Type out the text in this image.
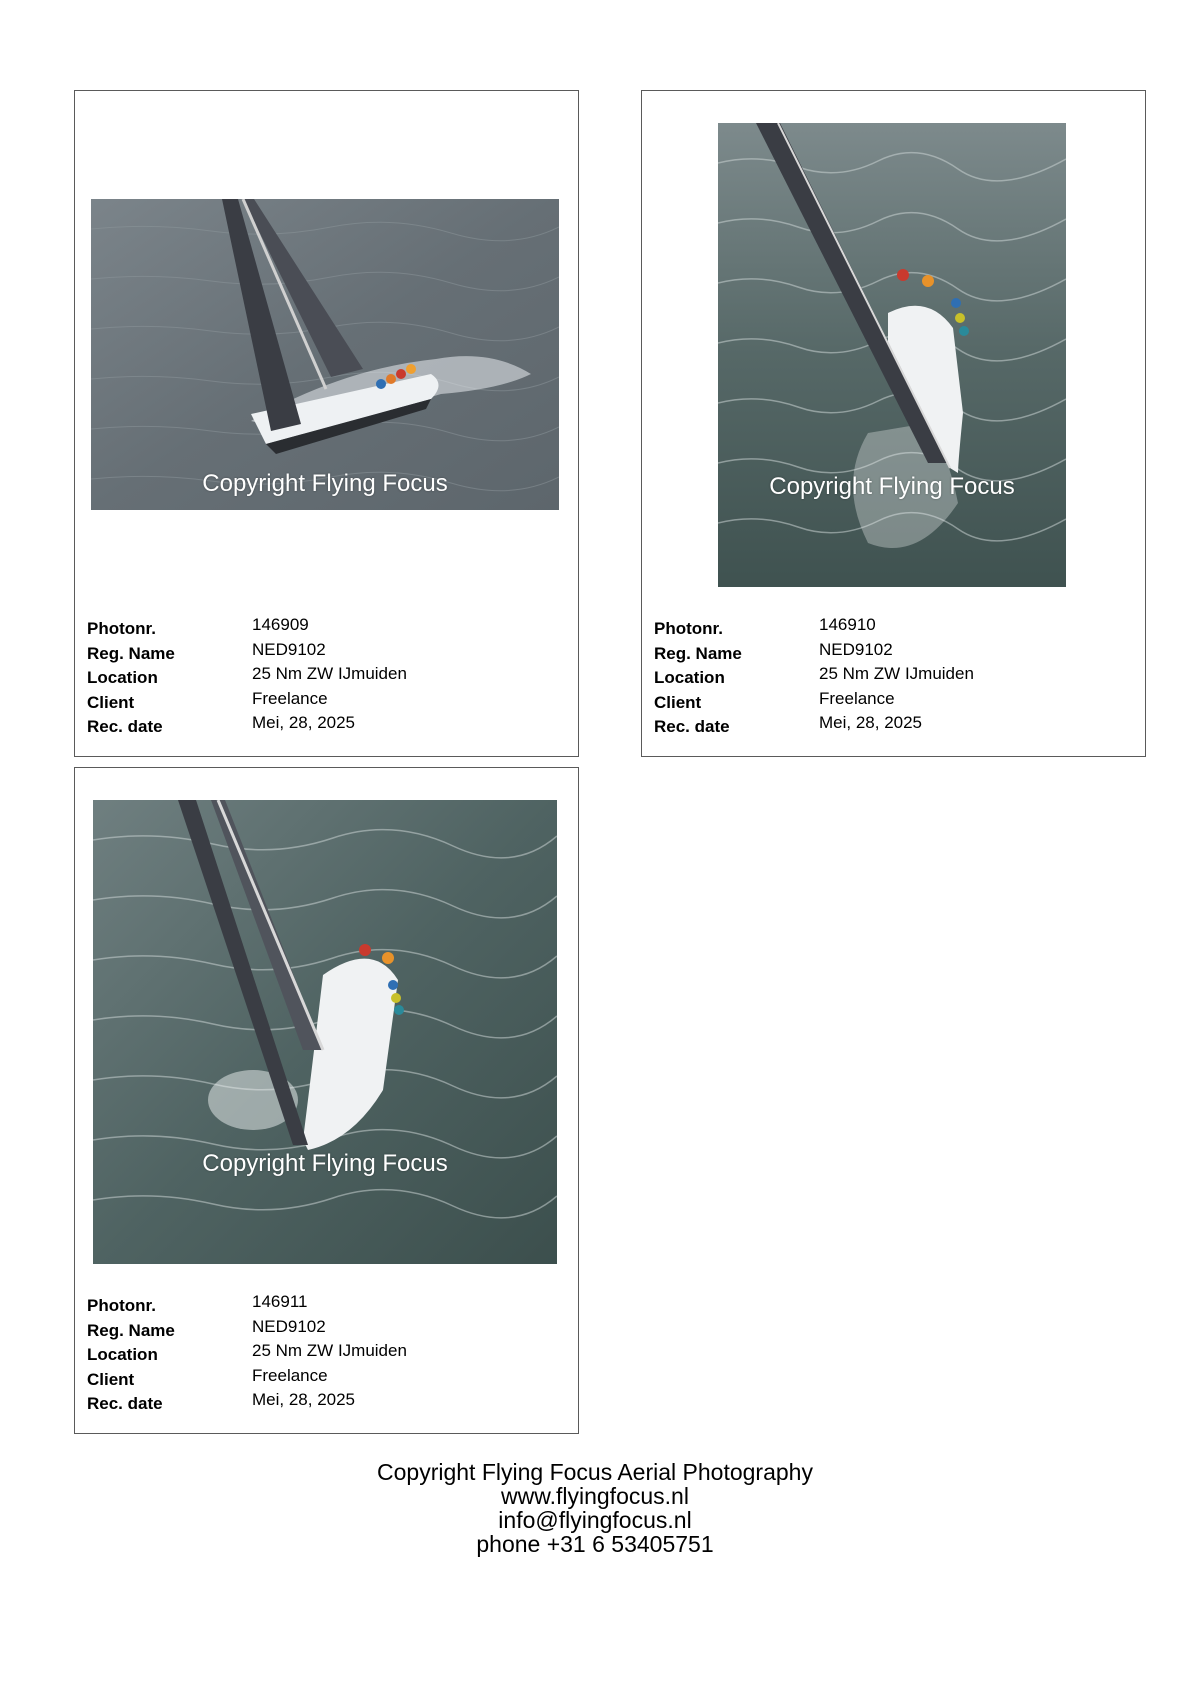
Copyright Flying Focus
Photonr.	146909
Reg. Name	NED9102
Location	25 Nm ZW IJmuiden
Client	Freelance
Rec. date	Mei, 28, 2025
Copyright Flying Focus
Photonr.	146910
Reg. Name	NED9102
Location	25 Nm ZW IJmuiden
Client	Freelance
Rec. date	Mei, 28, 2025
Copyright Flying Focus
Photonr.	146911
Reg. Name	NED9102
Location	25 Nm ZW IJmuiden
Client	Freelance
Rec. date	Mei, 28, 2025
Copyright Flying Focus Aerial Photography
www.flyingfocus.nl
info@flyingfocus.nl
phone +31 6 53405751
